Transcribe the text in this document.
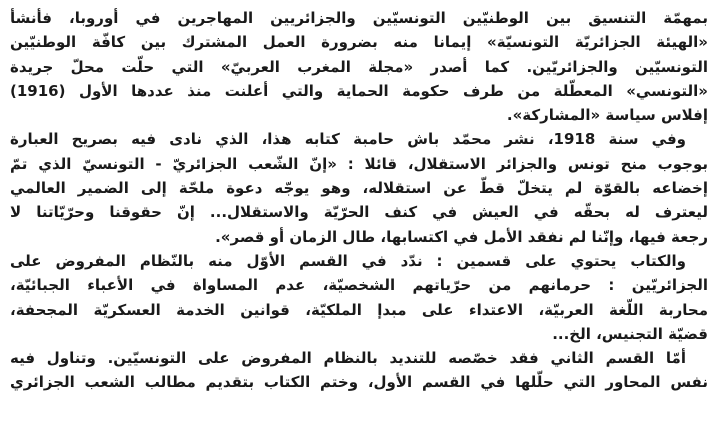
بمهمّة التنسيق بين الوطنيّين التونسيّين والجزائريين المهاجرين في أوروبا، فأنشأ
«الهيئة الجزائريّة التونسيّة» إيمانا منه بضرورة العمل المشترك بين كافّة الوطنيّين
التونسيّين والجزائريّين. كما أصدر «مجلة المغرب العربيّ» التي حلّت محلّ جريدة
«التونسي» المعطّلة من طرف حكومة الحماية والتي أعلنت منذ عددها الأول (1916)
إفلاس سياسة «المشاركة».

وفي سنة 1918، نشر محمّد باش حامبة كتابه هذا، الذي نادى فيه بصريح العبارة
بوجوب منح تونس والجزائر الاستقلال، قائلا : «إنّ الشّعب الجزائريّ - التونسيّ الذي تمّ
إخضاعه بالقوّة لم يتخلّ قطّ عن استقلاله، وهو يوجّه دعوة ملحّة إلى الضمير العالمي
ليعترف له بحقّه في العيش في كنف الحرّيّة والاستقلال... إنّ حقوقنا وحرّيّاتنا لا
رجعة فيها، وإنّنا لم نفقد الأمل في اكتسابها، طال الزمان أو قصر».

والكتاب يحتوي على قسمين : ندّد في القسم الأوّل منه بالنّظام المفروض على
الجزائريّين : حرمانهم من حرّياتهم الشخصيّة، عدم المساواة في الأعباء الجبائيّة،
محاربة اللّغة العربيّة، الاعتداء على مبدإ الملكيّة، قوانين الخدمة العسكريّة المجحفة،
قضيّة التجنيس، الخ...

أمّا القسم الثاني فقد خصّصه للتنديد بالنظام المفروض على التونسيّين. وتناول فيه
نفس المحاور التي حلّلها في القسم الأول، وختم الكتاب بتقديم مطالب الشعب الجزائري
